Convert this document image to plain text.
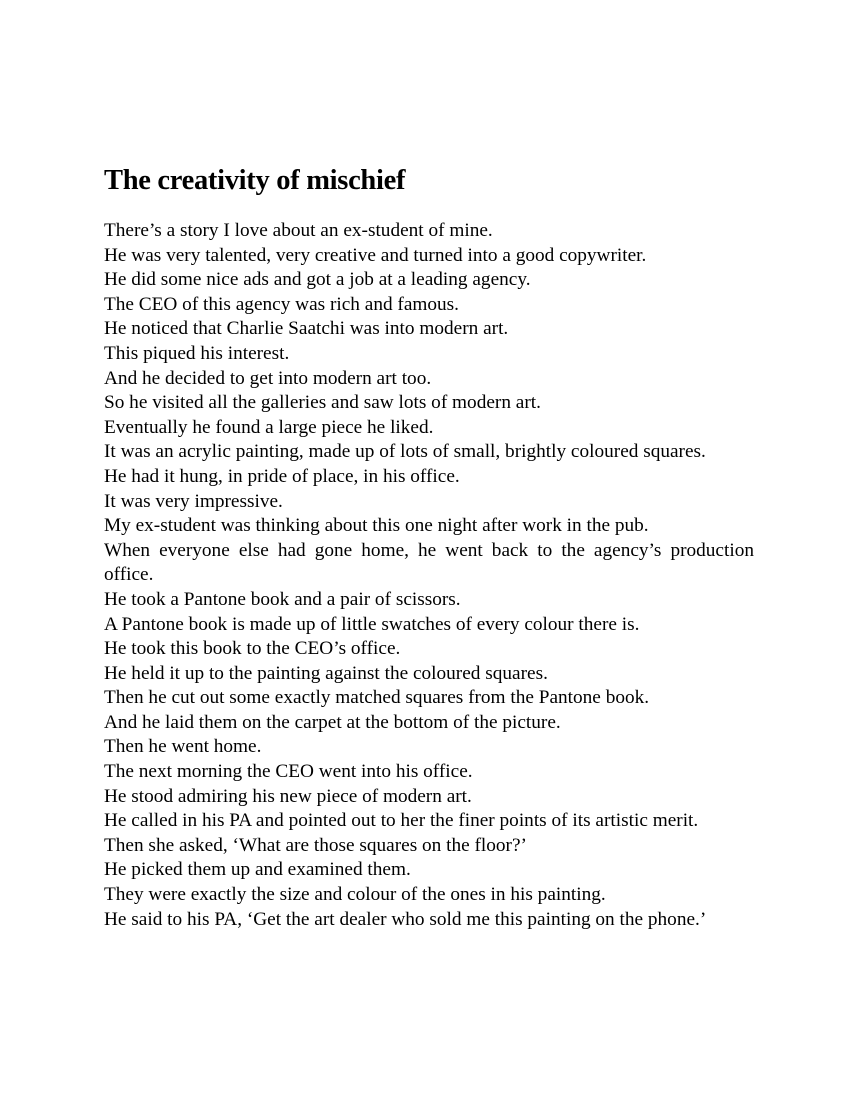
The creativity of mischief

There’s a story I love about an ex-student of mine.

He was very talented, very creative and turned into a good copywriter.

He did some nice ads and got a job at a leading agency.

The CEO of this agency was rich and famous.

He noticed that Charlie Saatchi was into modern art.

This piqued his interest.

And he decided to get into modern art too.

So he visited all the galleries and saw lots of modern art.

Eventually he found a large piece he liked.

It was an acrylic painting, made up of lots of small, brightly coloured squares.

He had it hung, in pride of place, in his office.

It was very impressive.

My ex-student was thinking about this one night after work in the pub.

When everyone else had gone home, he went back to the agency’s production office.

He took a Pantone book and a pair of scissors.

A Pantone book is made up of little swatches of every colour there is.

He took this book to the CEO’s office.

He held it up to the painting against the coloured squares.

Then he cut out some exactly matched squares from the Pantone book.

And he laid them on the carpet at the bottom of the picture.

Then he went home.

The next morning the CEO went into his office.

He stood admiring his new piece of modern art.

He called in his PA and pointed out to her the finer points of its artistic merit.

Then she asked, ‘What are those squares on the floor?’

He picked them up and examined them.

They were exactly the size and colour of the ones in his painting.

He said to his PA, ‘Get the art dealer who sold me this painting on the phone.’
